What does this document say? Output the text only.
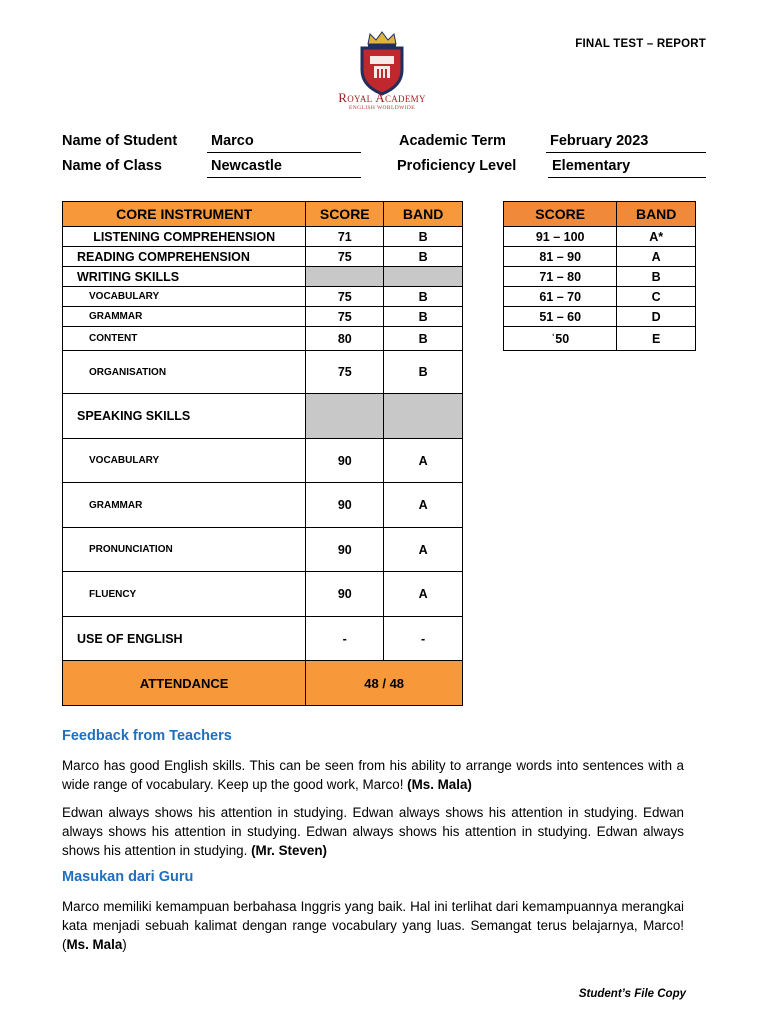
FINAL TEST – REPORT
Royal Academy
ENGLISH WORLDWIDE
Name of Student Marco
Name of Class	Newcastle
Academic Term	February 2023
Proficiency Level Elementary
CORE INSTRUMENT	SCORE	BAND
LISTENING COMPREHENSION	71	B
READING COMPREHENSION	75	B
WRITING SKILLS		
VOCABULARY	75	B
GRAMMAR	75	B
CONTENT	80	B
ORGANISATION	75	B
SPEAKING SKILLS		
VOCABULARY	90	A
GRAMMAR	90	A
PRONUNCIATION	90	A
FLUENCY	90	A
USE OF ENGLISH	-	-
ATTENDANCE	48 / 48	
SCORE	BAND
91 – 100	A*
81 – 90	A
71 – 80	B
61 – 70	C
51 – 60	D
ˈ50	E
Feedback from Teachers
Marco has good English skills. This can be seen from his ability to arrange words into sentences with a wide range of vocabulary. Keep up the good work, Marco! (Ms. Mala)
Edwan always shows his attention in studying. Edwan always shows his attention in studying. Edwan always shows his attention in studying. Edwan always shows his attention in studying. Edwan always shows his attention in studying. (Mr. Steven)
Masukan dari Guru
Marco memiliki kemampuan berbahasa Inggris yang baik. Hal ini terlihat dari kemampuannya merangkai kata menjadi sebuah kalimat dengan range vocabulary yang luas. Semangat terus belajarnya, Marco! (Ms. Mala)
Student’s File Copy
